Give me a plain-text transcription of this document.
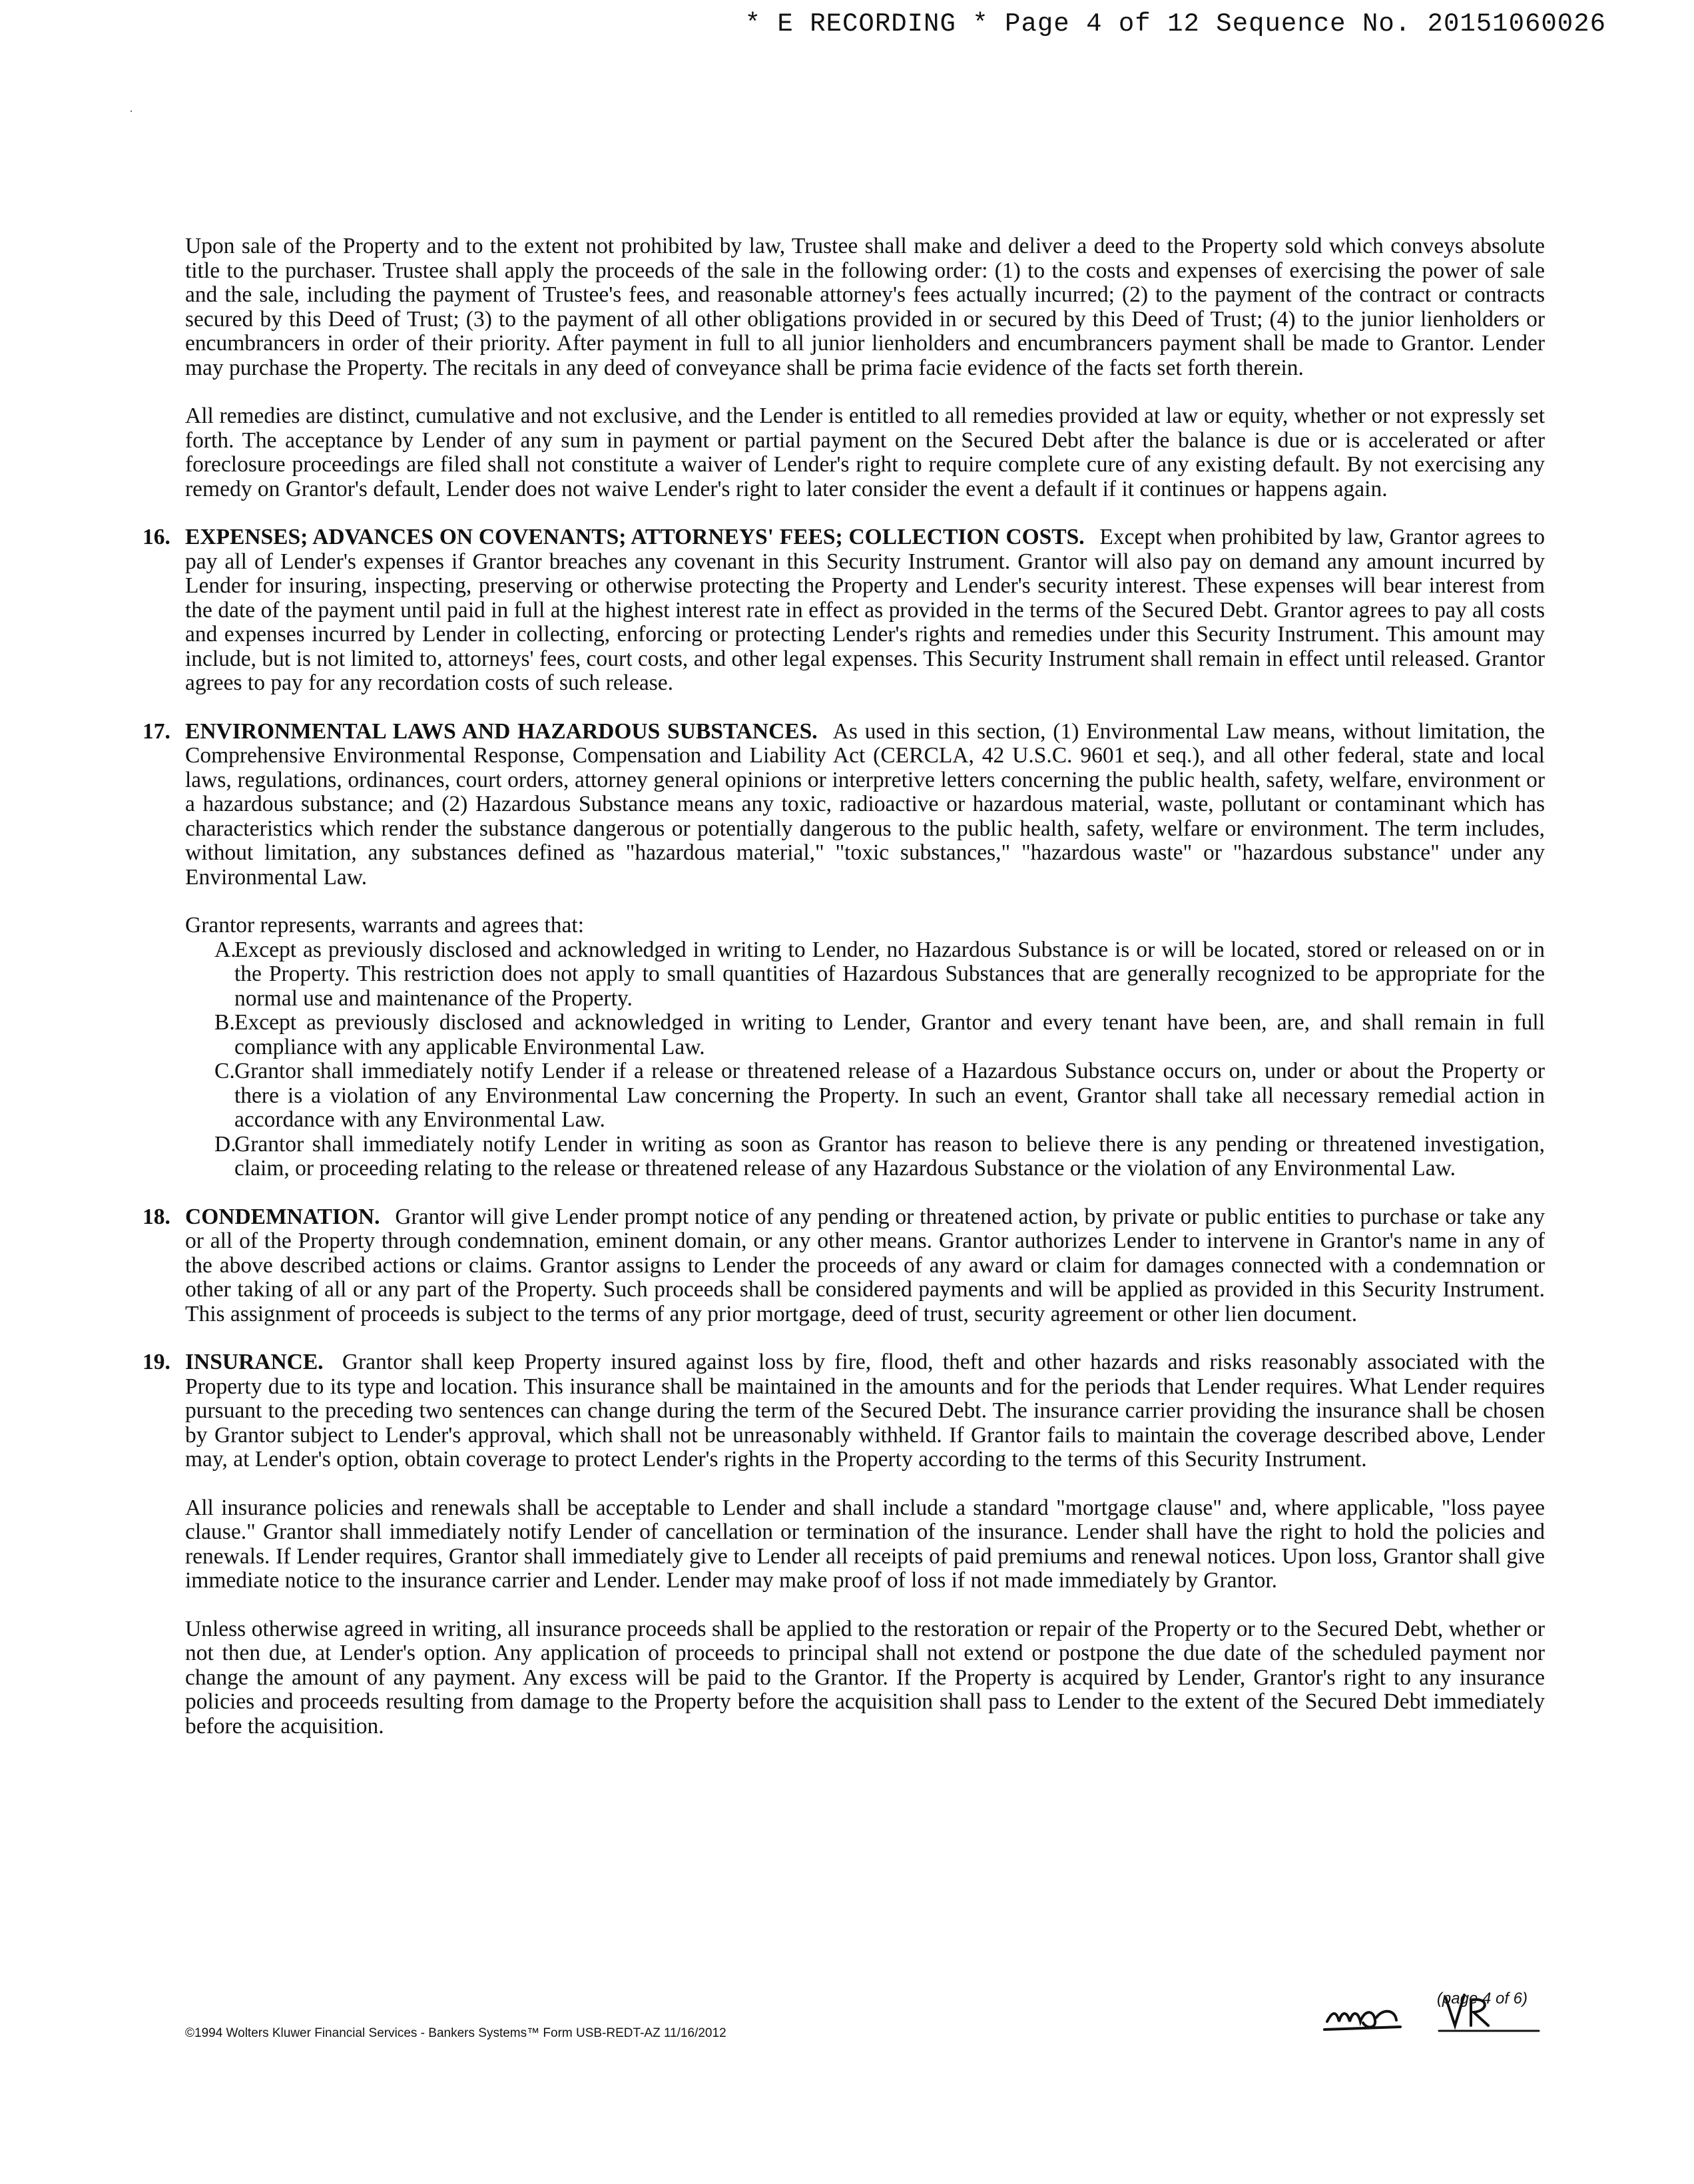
* E RECORDING * Page 4 of 12 Sequence No. 20151060026

Upon sale of the Property and to the extent not prohibited by law, Trustee shall make and deliver a deed to the Property sold which conveys absolute title to the purchaser. Trustee shall apply the proceeds of the sale in the following order: (1) to the costs and expenses of exercising the power of sale and the sale, including the payment of Trustee's fees, and reasonable attorney's fees actually incurred; (2) to the payment of the contract or contracts secured by this Deed of Trust; (3) to the payment of all other obligations provided in or secured by this Deed of Trust; (4) to the junior lienholders or encumbrancers in order of their priority. After payment in full to all junior lienholders and encumbrancers payment shall be made to Grantor. Lender may purchase the Property. The recitals in any deed of conveyance shall be prima facie evidence of the facts set forth therein.

All remedies are distinct, cumulative and not exclusive, and the Lender is entitled to all remedies provided at law or equity, whether or not expressly set forth. The acceptance by Lender of any sum in payment or partial payment on the Secured Debt after the balance is due or is accelerated or after foreclosure proceedings are filed shall not constitute a waiver of Lender's right to require complete cure of any existing default. By not exercising any remedy on Grantor's default, Lender does not waive Lender's right to later consider the event a default if it continues or happens again.

16. EXPENSES; ADVANCES ON COVENANTS; ATTORNEYS' FEES; COLLECTION COSTS. Except when prohibited by law, Grantor agrees to pay all of Lender's expenses if Grantor breaches any covenant in this Security Instrument. Grantor will also pay on demand any amount incurred by Lender for insuring, inspecting, preserving or otherwise protecting the Property and Lender's security interest. These expenses will bear interest from the date of the payment until paid in full at the highest interest rate in effect as provided in the terms of the Secured Debt. Grantor agrees to pay all costs and expenses incurred by Lender in collecting, enforcing or protecting Lender's rights and remedies under this Security Instrument. This amount may include, but is not limited to, attorneys' fees, court costs, and other legal expenses. This Security Instrument shall remain in effect until released. Grantor agrees to pay for any recordation costs of such release.
17. ENVIRONMENTAL LAWS AND HAZARDOUS SUBSTANCES. As used in this section, (1) Environmental Law means, without limitation, the Comprehensive Environmental Response, Compensation and Liability Act (CERCLA, 42 U.S.C. 9601 et seq.), and all other federal, state and local laws, regulations, ordinances, court orders, attorney general opinions or interpretive letters concerning the public health, safety, welfare, environment or a hazardous substance; and (2) Hazardous Substance means any toxic, radioactive or hazardous material, waste, pollutant or contaminant which has characteristics which render the substance dangerous or potentially dangerous to the public health, safety, welfare or environment. The term includes, without limitation, any substances defined as "hazardous material," "toxic substances," "hazardous waste" or "hazardous substance" under any Environmental Law.
Grantor represents, warrants and agrees that:
A.
Except as previously disclosed and acknowledged in writing to Lender, no Hazardous Substance is or will be located, stored or released on or in the Property. This restriction does not apply to small quantities of Hazardous Substances that are generally recognized to be appropriate for the normal use and maintenance of the Property.
B. Except as previously disclosed and acknowledged in writing to Lender, Grantor and every tenant have been, are, and shall remain in full compliance with any applicable Environmental Law.
C. Grantor shall immediately notify Lender if a release or threatened release of a Hazardous Substance occurs on, under or about the Property or there is a violation of any Environmental Law concerning the Property. In such an event, Grantor shall take all necessary remedial action in accordance with any Environmental Law.
D.
Grantor shall immediately notify Lender in writing as soon as Grantor has reason to believe there is any pending or threatened investigation, claim, or proceeding relating to the release or threatened release of any Hazardous Substance or the violation of any Environmental Law.
18. CONDEMNATION. Grantor will give Lender prompt notice of any pending or threatened action, by private or public entities to purchase or take any or all of the Property through condemnation, eminent domain, or any other means. Grantor authorizes Lender to intervene in Grantor's name in any of the above described actions or claims. Grantor assigns to Lender the proceeds of any award or claim for damages connected with a condemnation or other taking of all or any part of the Property. Such proceeds shall be considered payments and will be applied as provided in this Security Instrument. This assignment of proceeds is subject to the terms of any prior mortgage, deed of trust, security agreement or other lien document.
19. INSURANCE. Grantor shall keep Property insured against loss by fire, flood, theft and other hazards and risks reasonably associated with the Property due to its type and location. This insurance shall be maintained in the amounts and for the periods that Lender requires. What Lender requires pursuant to the preceding two sentences can change during the term of the Secured Debt. The insurance carrier providing the insurance shall be chosen by Grantor subject to Lender's approval, which shall not be unreasonably withheld. If Grantor fails to maintain the coverage described above, Lender may, at Lender's option, obtain coverage to protect Lender's rights in the Property according to the terms of this Security Instrument.
All insurance policies and renewals shall be acceptable to Lender and shall include a standard "mortgage clause" and, where applicable, "loss payee clause." Grantor shall immediately notify Lender of cancellation or termination of the insurance. Lender shall have the right to hold the policies and renewals. If Lender requires, Grantor shall immediately give to Lender all receipts of paid premiums and renewal notices. Upon loss, Grantor shall give immediate notice to the insurance carrier and Lender. Lender may make proof of loss if not made immediately by Grantor.
Unless otherwise agreed in writing, all insurance proceeds shall be applied to the restoration or repair of the Property or to the Secured Debt, whether or not then due, at Lender's option. Any application of proceeds to principal shall not extend or postpone the due date of the scheduled payment nor change the amount of any payment. Any excess will be paid to the Grantor. If the Property is acquired by Lender, Grantor's right to any insurance policies and proceeds resulting from damage to the Property before the acquisition shall pass to Lender to the extent of the Secured Debt immediately before the acquisition.
(page 4 of 6)
©1994 Wolters Kluwer Financial Services - Bankers Systems™ Form USB-REDT-AZ 11/16/2012
